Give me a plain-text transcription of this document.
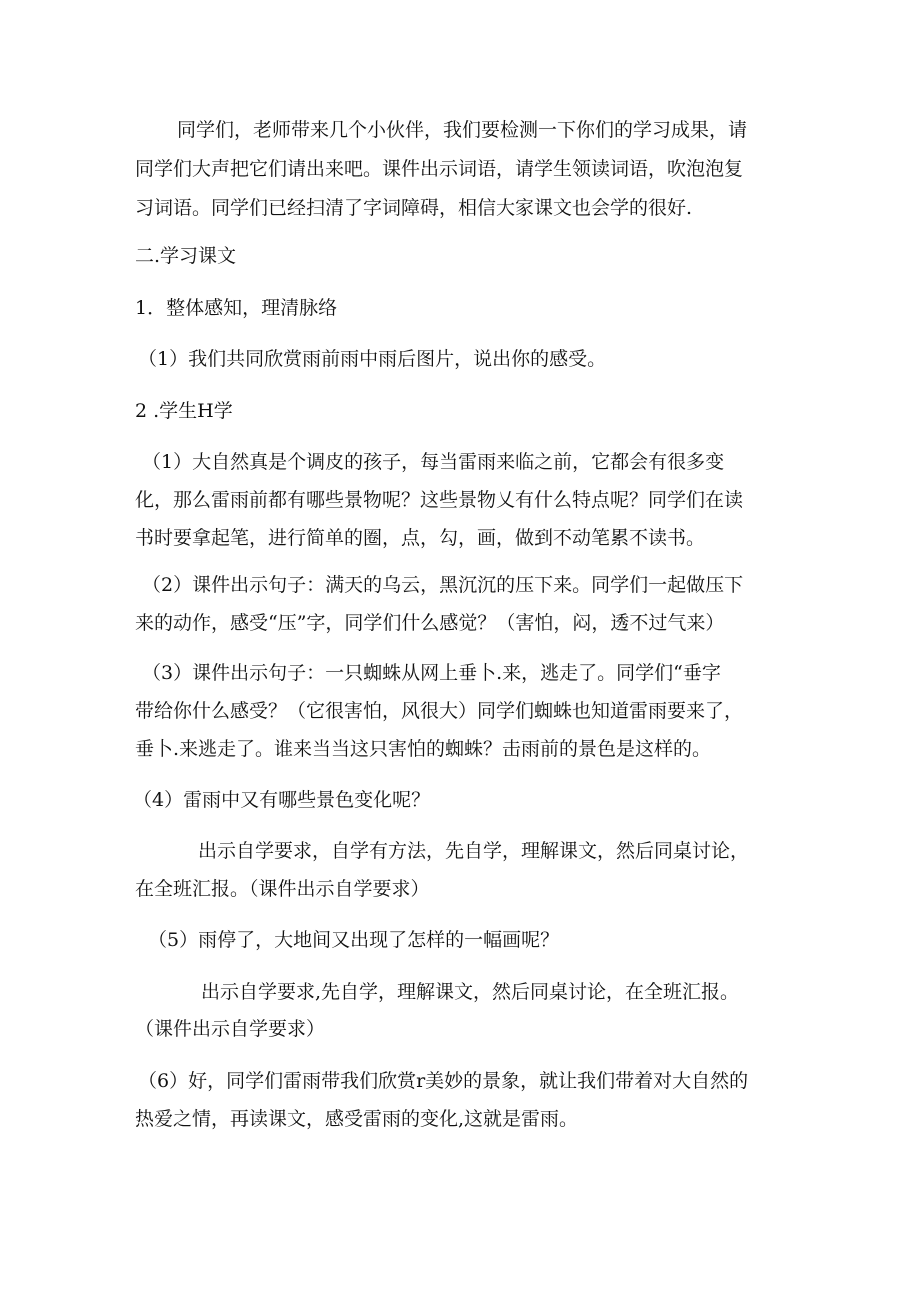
同学们，老师带来几个小伙伴，我们要检测一下你们的学习成果，请

同学们大声把它们请出来吧。课件出示词语，请学生领读词语，吹泡泡复

习词语。同学们已经扫清了字词障碍，相信大家课文也会学的很好.

二.学习课文

1．整体感知，理清脉络

（1）我们共同欣赏雨前雨中雨后图片，说出你的感受。

2 .学生H学

（1）大自然真是个调皮的孩子，每当雷雨来临之前，它都会有很多变

化，那么雷雨前都有哪些景物呢？这些景物乂有什么特点呢？同学们在读

书时要拿起笔，进行简单的圈，点，勾，画，做到不动笔累不读书。

（2）课件出示句子：满天的乌云，黑沉沉的压下来。同学们一起做压下

来的动作，感受“压”字，同学们什么感觉？（害怕，闷，透不过气来）

（3）课件出示句子：一只蜘蛛从网上垂卜.来，逃走了。同学们“垂字

带给你什么感受？（它很害怕，风很大）同学们蜘蛛也知道雷雨要来了，

垂卜.来逃走了。谁来当当这只害怕的蜘蛛？击雨前的景色是这样的。

（4）雷雨中又有哪些景色变化呢？

出示自学要求，自学有方法，先自学，理解课文，然后同桌讨论，

在全班汇报。（课件出示自学要求）

（5）雨停了，大地间又出现了怎样的一幅画呢？

出示自学要求,先自学，理解课文，然后同桌讨论，在全班汇报。

（课件出示自学要求）

（6）好，同学们雷雨带我们欣赏r美妙的景象，就让我们带着对大自然的

热爱之情，再读课文，感受雷雨的变化,这就是雷雨。
